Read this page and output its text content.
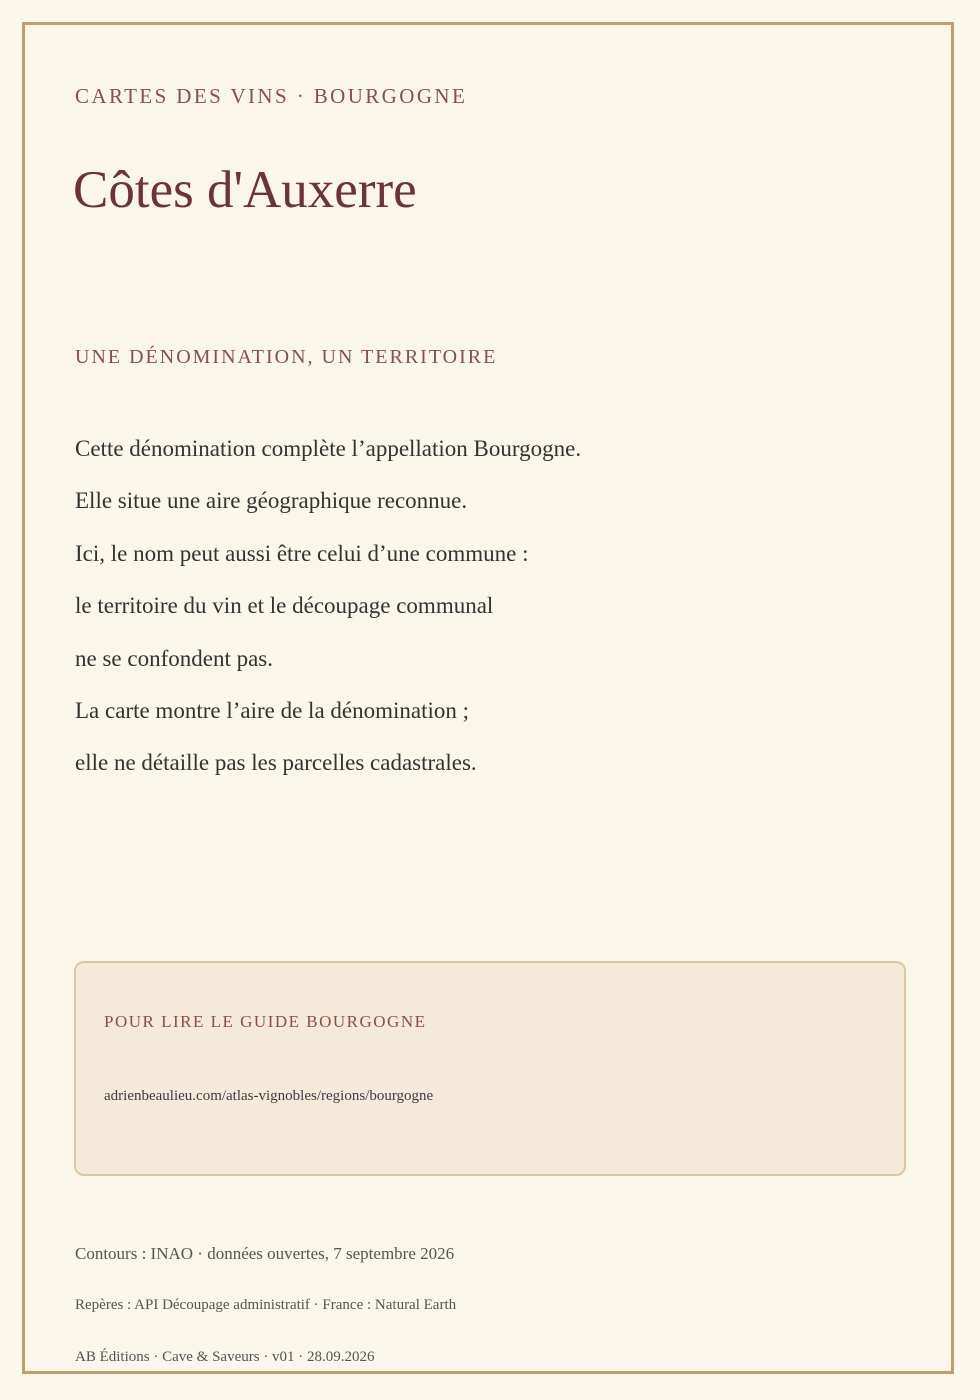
CARTES DES VINS · BOURGOGNE
Côtes d'Auxerre
UNE DÉNOMINATION, UN TERRITOIRE
Cette dénomination complète l’appellation Bourgogne.
Elle situe une aire géographique reconnue.
Ici, le nom peut aussi être celui d’une commune :
le territoire du vin et le découpage communal
ne se confondent pas.
La carte montre l’aire de la dénomination ;
elle ne détaille pas les parcelles cadastrales.
POUR LIRE LE GUIDE BOURGOGNE
adrienbeaulieu.com/atlas-vignobles/regions/bourgogne
Contours : INAO · données ouvertes, 7 septembre 2026
Repères : API Découpage administratif · France : Natural Earth
AB Éditions · Cave & Saveurs · v01 · 28.09.2026
